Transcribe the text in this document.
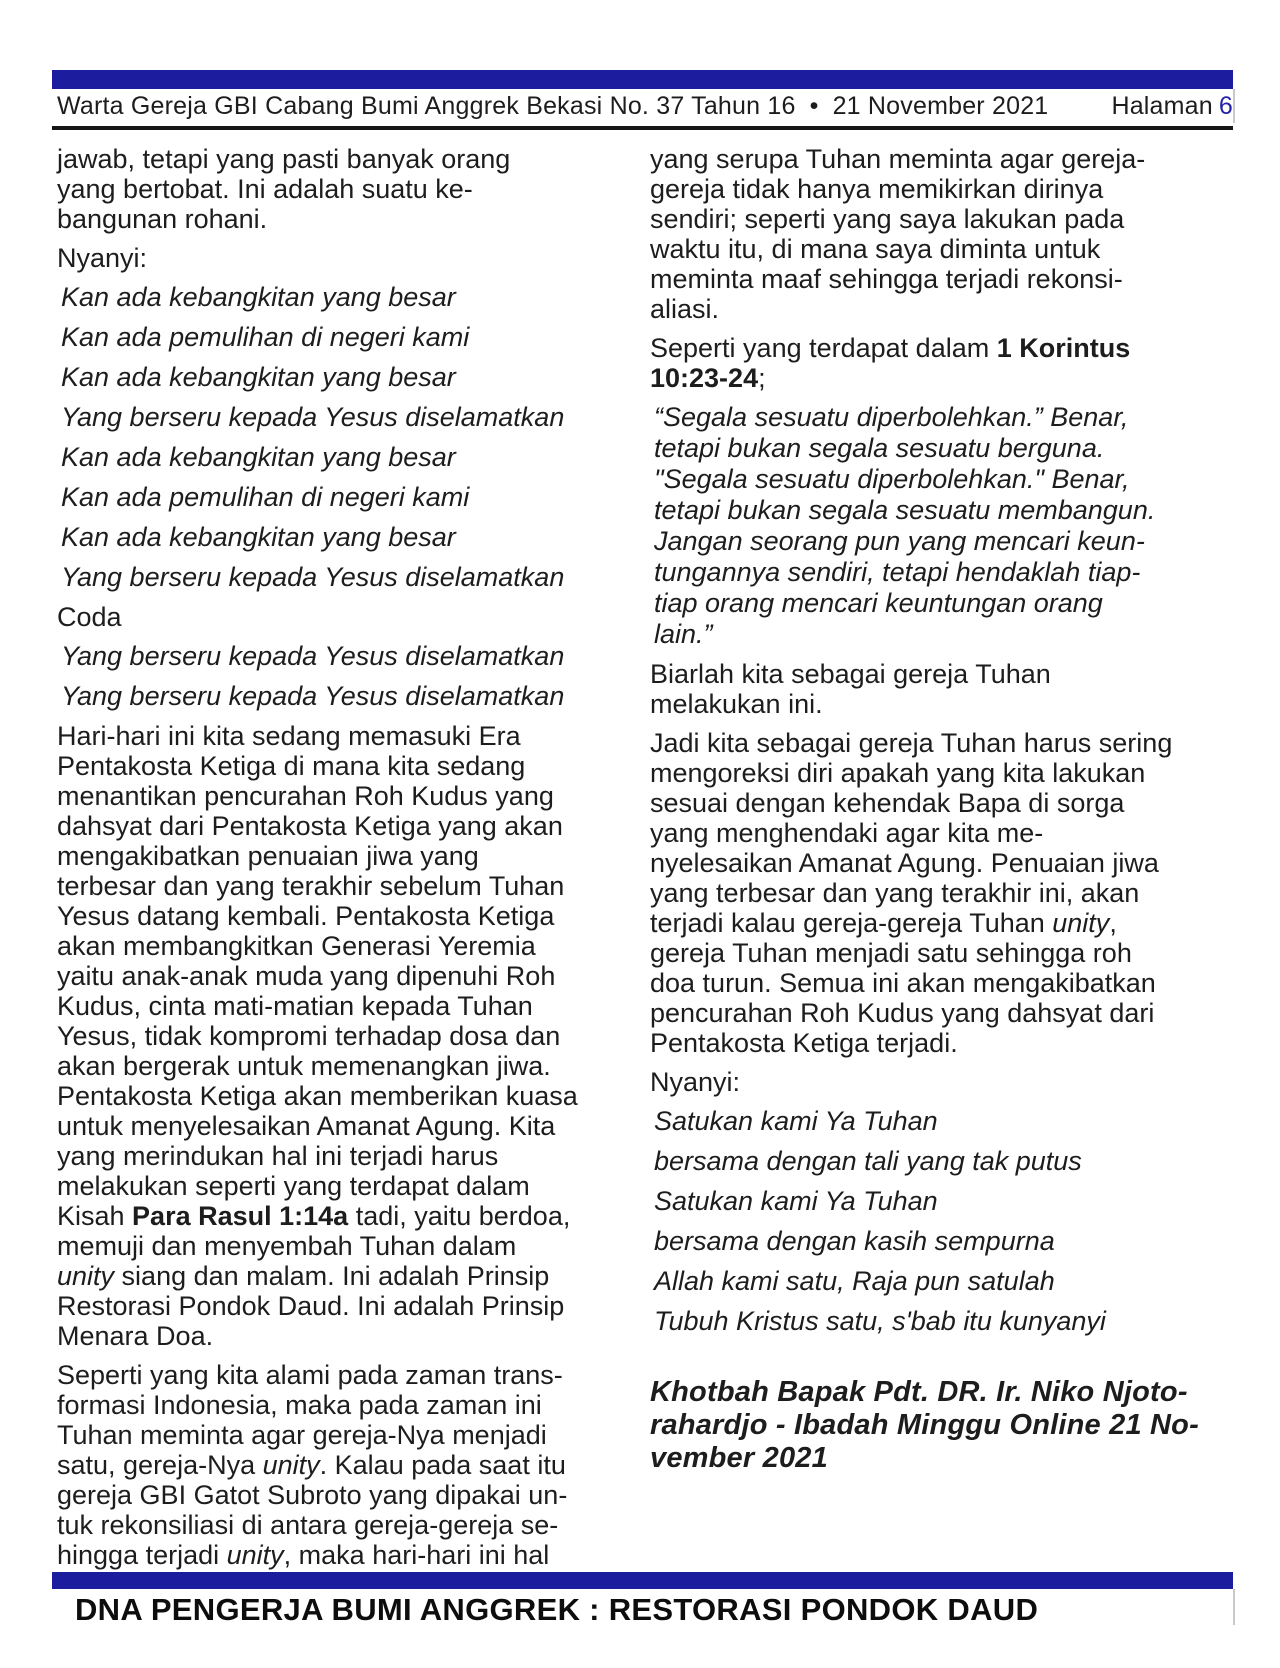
Warta Gereja GBI Cabang Bumi Anggrek Bekasi No. 37 Tahun 16 • 21 November 2021	Halaman 6
jawab, tetapi yang pasti banyak orang
yang bertobat. Ini adalah suatu ke-
bangunan rohani.
Nyanyi:
Kan ada kebangkitan yang besar
Kan ada pemulihan di negeri kami
Kan ada kebangkitan yang besar
Yang berseru kepada Yesus diselamatkan
Kan ada kebangkitan yang besar
Kan ada pemulihan di negeri kami
Kan ada kebangkitan yang besar
Yang berseru kepada Yesus diselamatkan
Coda
Yang berseru kepada Yesus diselamatkan
Yang berseru kepada Yesus diselamatkan
Hari-hari ini kita sedang memasuki Era
Pentakosta Ketiga di mana kita sedang
menantikan pencurahan Roh Kudus yang
dahsyat dari Pentakosta Ketiga yang akan
mengakibatkan penuaian jiwa yang
terbesar dan yang terakhir sebelum Tuhan
Yesus datang kembali. Pentakosta Ketiga
akan membangkitkan Generasi Yeremia
yaitu anak-anak muda yang dipenuhi Roh
Kudus, cinta mati-matian kepada Tuhan
Yesus, tidak kompromi terhadap dosa dan
akan bergerak untuk memenangkan jiwa.
Pentakosta Ketiga akan memberikan kuasa
untuk menyelesaikan Amanat Agung. Kita
yang merindukan hal ini terjadi harus
melakukan seperti yang terdapat dalam
Kisah Para Rasul 1:14a tadi, yaitu berdoa,
memuji dan menyembah Tuhan dalam
unity siang dan malam. Ini adalah Prinsip
Restorasi Pondok Daud. Ini adalah Prinsip
Menara Doa.
Seperti yang kita alami pada zaman trans-
formasi Indonesia, maka pada zaman ini
Tuhan meminta agar gereja-Nya menjadi
satu, gereja-Nya unity. Kalau pada saat itu
gereja GBI Gatot Subroto yang dipakai un-
tuk rekonsiliasi di antara gereja-gereja se-
hingga terjadi unity, maka hari-hari ini hal
yang serupa Tuhan meminta agar gereja-
gereja tidak hanya memikirkan dirinya
sendiri; seperti yang saya lakukan pada
waktu itu, di mana saya diminta untuk
meminta maaf sehingga terjadi rekonsi-
aliasi.
Seperti yang terdapat dalam 1 Korintus
10:23-24;
“Segala sesuatu diperbolehkan.” Benar,
tetapi bukan segala sesuatu berguna.
"Segala sesuatu diperbolehkan." Benar,
tetapi bukan segala sesuatu membangun.
Jangan seorang pun yang mencari keun-
tungannya sendiri, tetapi hendaklah tiap-
tiap orang mencari keuntungan orang
lain.”
Biarlah kita sebagai gereja Tuhan
melakukan ini.
Jadi kita sebagai gereja Tuhan harus sering
mengoreksi diri apakah yang kita lakukan
sesuai dengan kehendak Bapa di sorga
yang menghendaki agar kita me-
nyelesaikan Amanat Agung. Penuaian jiwa
yang terbesar dan yang terakhir ini, akan
terjadi kalau gereja-gereja Tuhan unity,
gereja Tuhan menjadi satu sehingga roh
doa turun. Semua ini akan mengakibatkan
pencurahan Roh Kudus yang dahsyat dari
Pentakosta Ketiga terjadi.
Nyanyi:
Satukan kami Ya Tuhan
bersama dengan tali yang tak putus
Satukan kami Ya Tuhan
bersama dengan kasih sempurna
Allah kami satu, Raja pun satulah
Tubuh Kristus satu, s'bab itu kunyanyi
Khotbah Bapak Pdt. DR. Ir. Niko Njoto-
rahardjo - Ibadah Minggu Online 21 No-
vember 2021
DNA PENGERJA BUMI ANGGREK : RESTORASI PONDOK DAUD
